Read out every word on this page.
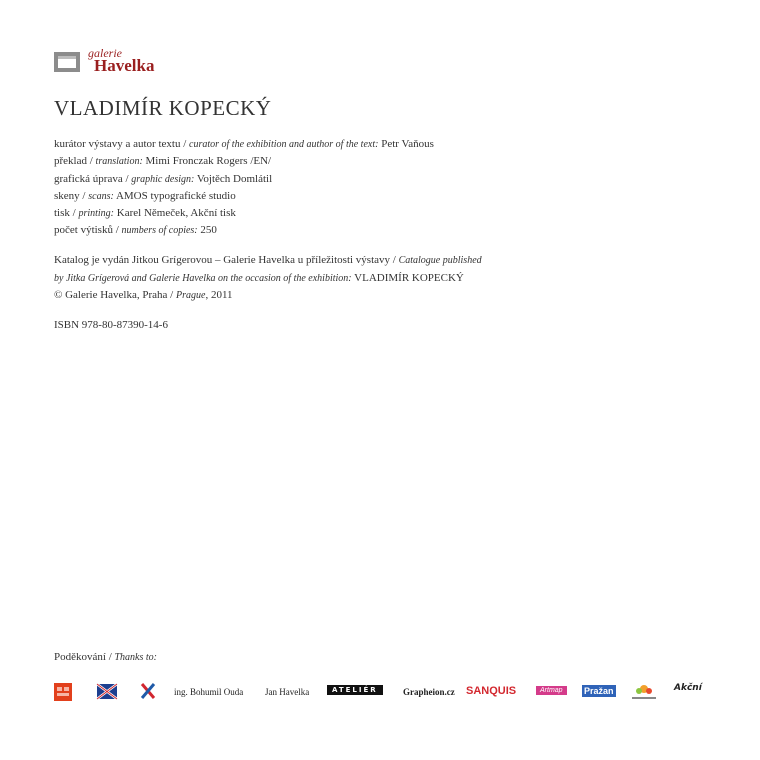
galerie
Havelka
VLADIMÍR KOPECKÝ
kurátor výstavy a autor textu / curator of the exhibition and author of the text: Petr Vaňous
překlad / translation: Mimi Fronczak Rogers /EN/
grafická úprava / graphic design: Vojtěch Domlátil
skeny / scans: AMOS typografické studio
tisk / printing: Karel Němeček, Akční tisk
počet výtisků / numbers of copies: 250
Katalog je vydán Jitkou Grígerovou – Galerie Havelka u příležitosti výstavy / Catalogue published
by Jitka Grígerová and Galerie Havelka on the occasion of the exhibition: VLADIMÍR KOPECKÝ
© Galerie Havelka, Praha / Prague, 2011
ISBN 978-80-87390-14-6
Poděkování / Thanks to:
ing. Bohumil Ouda Jan Havelka	ATELIÉR	Grapheion.cz SANQUIS	Artmap	Pražan	Akční
